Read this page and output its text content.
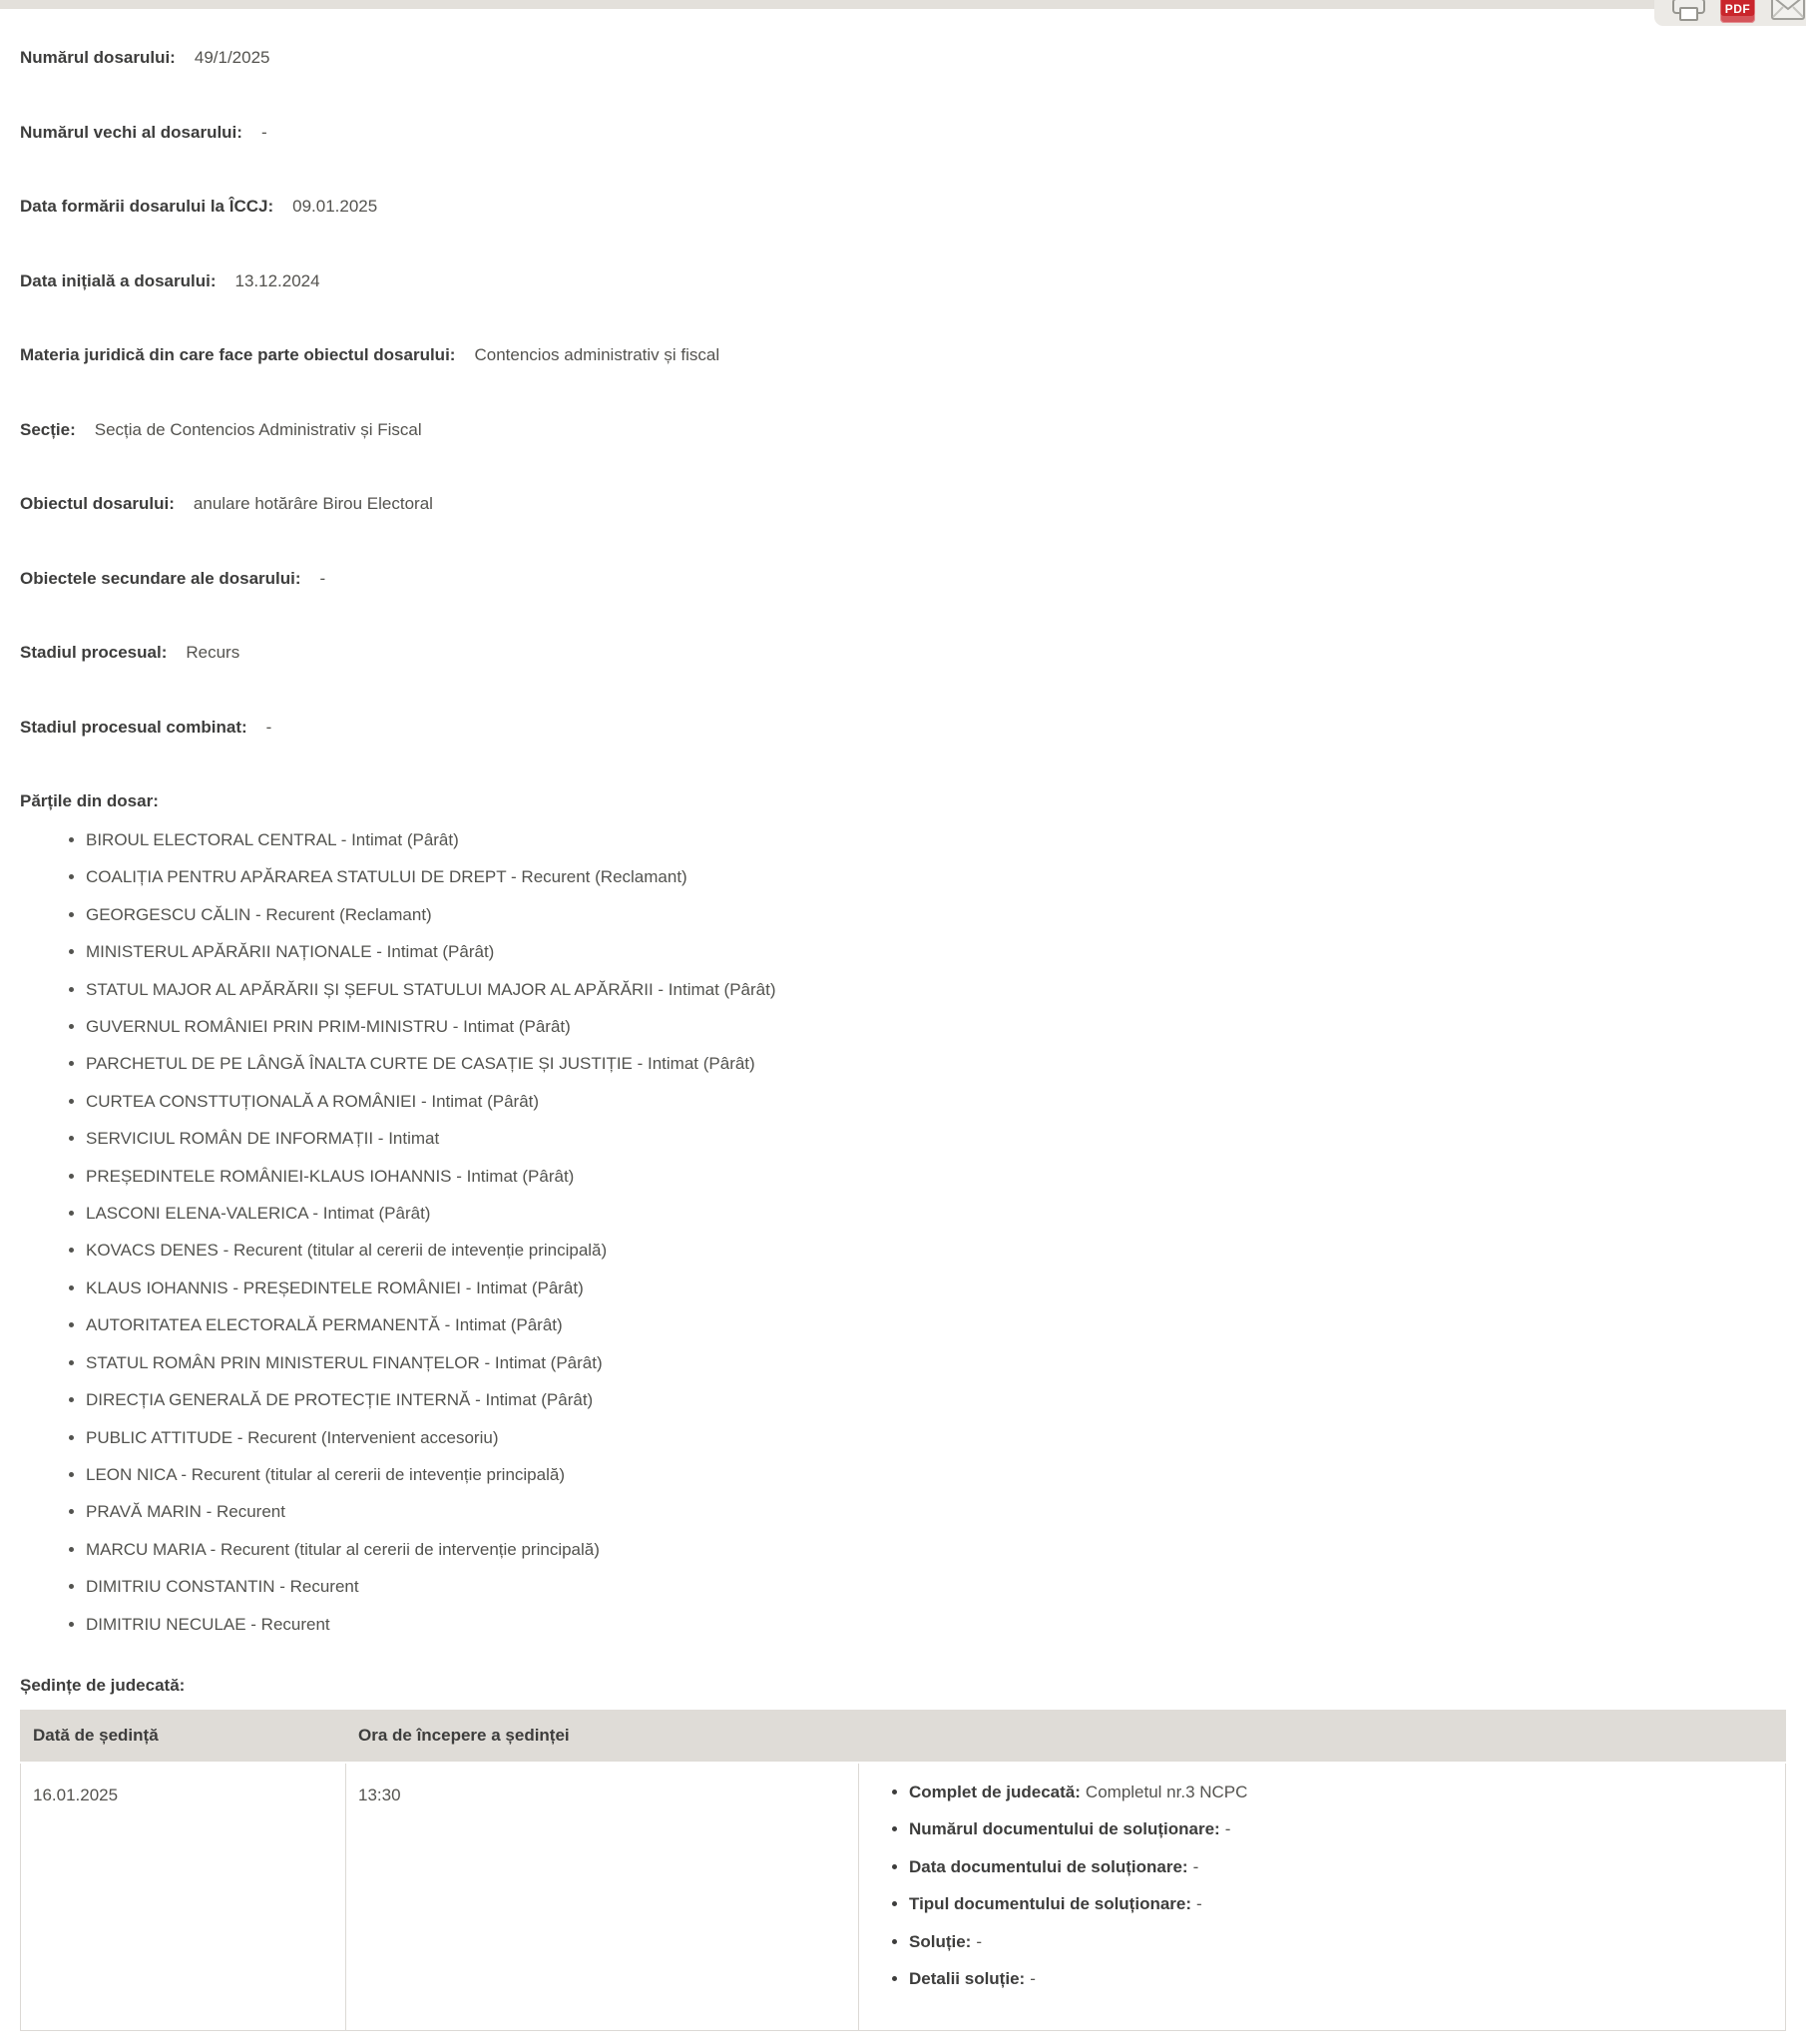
PDF
Numărul dosarului: 49/1/2025
Numărul vechi al dosarului: -
Data formării dosarului la ÎCCJ: 09.01.2025
Data inițială a dosarului: 13.12.2024
Materia juridică din care face parte obiectul dosarului: Contencios administrativ și fiscal
Secție: Secția de Contencios Administrativ și Fiscal
Obiectul dosarului: anulare hotărâre Birou Electoral
Obiectele secundare ale dosarului: -
Stadiul procesual: Recurs
Stadiul procesual combinat: -
Părțile din dosar:
• BIROUL ELECTORAL CENTRAL - Intimat (Pârât)
• COALIȚIA PENTRU APĂRAREA STATULUI DE DREPT - Recurent (Reclamant)
• GEORGESCU CĂLIN - Recurent (Reclamant)
• MINISTERUL APĂRĂRII NAȚIONALE - Intimat (Pârât)
• STATUL MAJOR AL APĂRĂRII ȘI ȘEFUL STATULUI MAJOR AL APĂRĂRII - Intimat (Pârât)
• GUVERNUL ROMÂNIEI PRIN PRIM-MINISTRU - Intimat (Pârât)
• PARCHETUL DE PE LÂNGĂ ÎNALTA CURTE DE CASAȚIE ȘI JUSTIȚIE - Intimat (Pârât)
• CURTEA CONSTTUȚIONALĂ A ROMÂNIEI - Intimat (Pârât)
• SERVICIUL ROMÂN DE INFORMAȚII - Intimat
• PREȘEDINTELE ROMÂNIEI-KLAUS IOHANNIS - Intimat (Pârât)
• LASCONI ELENA-VALERICA - Intimat (Pârât)
• KOVACS DENES - Recurent (titular al cererii de intevenție principală)
• KLAUS IOHANNIS - PREȘEDINTELE ROMÂNIEI - Intimat (Pârât)
• AUTORITATEA ELECTORALĂ PERMANENTĂ - Intimat (Pârât)
• STATUL ROMÂN PRIN MINISTERUL FINANȚELOR - Intimat (Pârât)
• DIRECȚIA GENERALĂ DE PROTECȚIE INTERNĂ - Intimat (Pârât)
• PUBLIC ATTITUDE - Recurent (Intervenient accesoriu)
• LEON NICA - Recurent (titular al cererii de intevenție principală)
• PRAVĂ MARIN - Recurent
• MARCU MARIA - Recurent (titular al cererii de intervenție principală)
• DIMITRIU CONSTANTIN - Recurent
• DIMITRIU NECULAE - Recurent
Ședințe de judecată:
Dată de ședință	Ora de începere a ședinței	
16.01.2025	13:30	
•Complet de judecată: Completul nr.3 NCPC
• Numărul documentului de soluționare: -
• Data documentului de soluționare: -
• Tipul documentului de soluționare: -
• Soluție: -
• Detalii soluție: -
